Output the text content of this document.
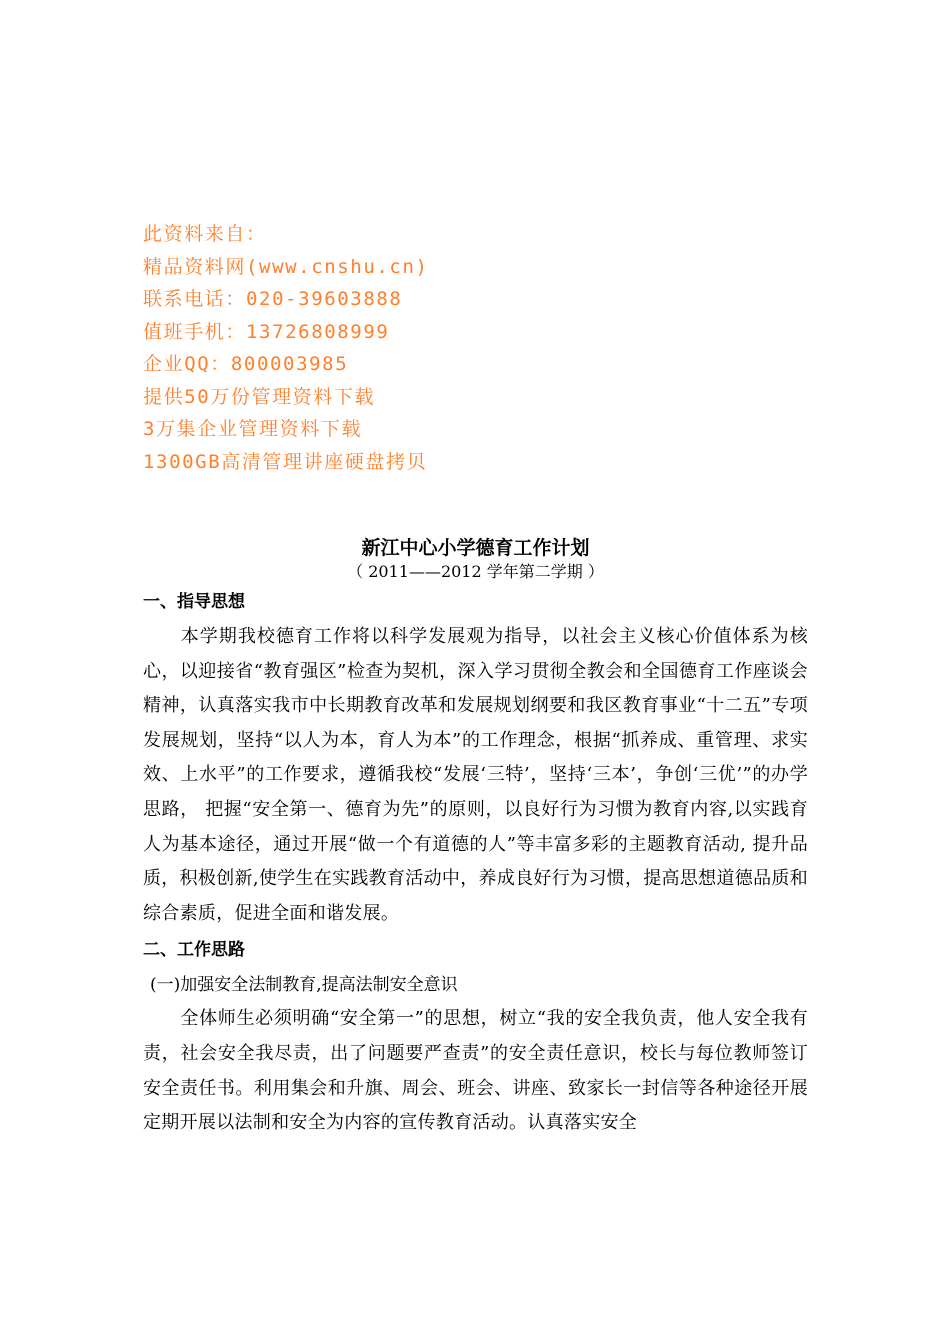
此资料来自：
精品资料网(www.cnshu.cn)
联系电话：020-39603888
值班手机：13726808999
企业QQ：800003985
提供50万份管理资料下载
3万集企业管理资料下载
1300GB高清管理讲座硬盘拷贝
新江中心小学德育工作计划
（ 2011——2012 学年第二学期 ）
一、指导思想

本学期我校德育工作将以科学发展观为指导，以社会主义核心价值体系为核心，以迎接省“教育强区”检查为契机，深入学习贯彻全教会和全国德育工作座谈会精神，认真落实我市中长期教育改革和发展规划纲要和我区教育事业“十二五”专项发展规划，坚持“以人为本，育人为本”的工作理念，根据“抓养成、重管理、求实效、上水平”的工作要求，遵循我校“发展‘三特’，坚持‘三本’，争创‘三优’”的办学思路， 把握“安全第一、德育为先”的原则，以良好行为习惯为教育内容,以实践育人为基本途径，通过开展“做一个有道德的人”等丰富多彩的主题教育活动, 提升品质，积极创新,使学生在实践教育活动中，养成良好行为习惯，提高思想道德品质和综合素质，促进全面和谐发展。

二、工作思路
(一)加强安全法制教育,提高法制安全意识

全体师生必须明确“安全第一”的思想，树立“我的安全我负责，他人安全我有责，社会安全我尽责，出了问题要严查责”的安全责任意识，校长与每位教师签订安全责任书。利用集会和升旗、周会、班会、讲座、致家长一封信等各种途径开展定期开展以法制和安全为内容的宣传教育活动。认真落实安全
